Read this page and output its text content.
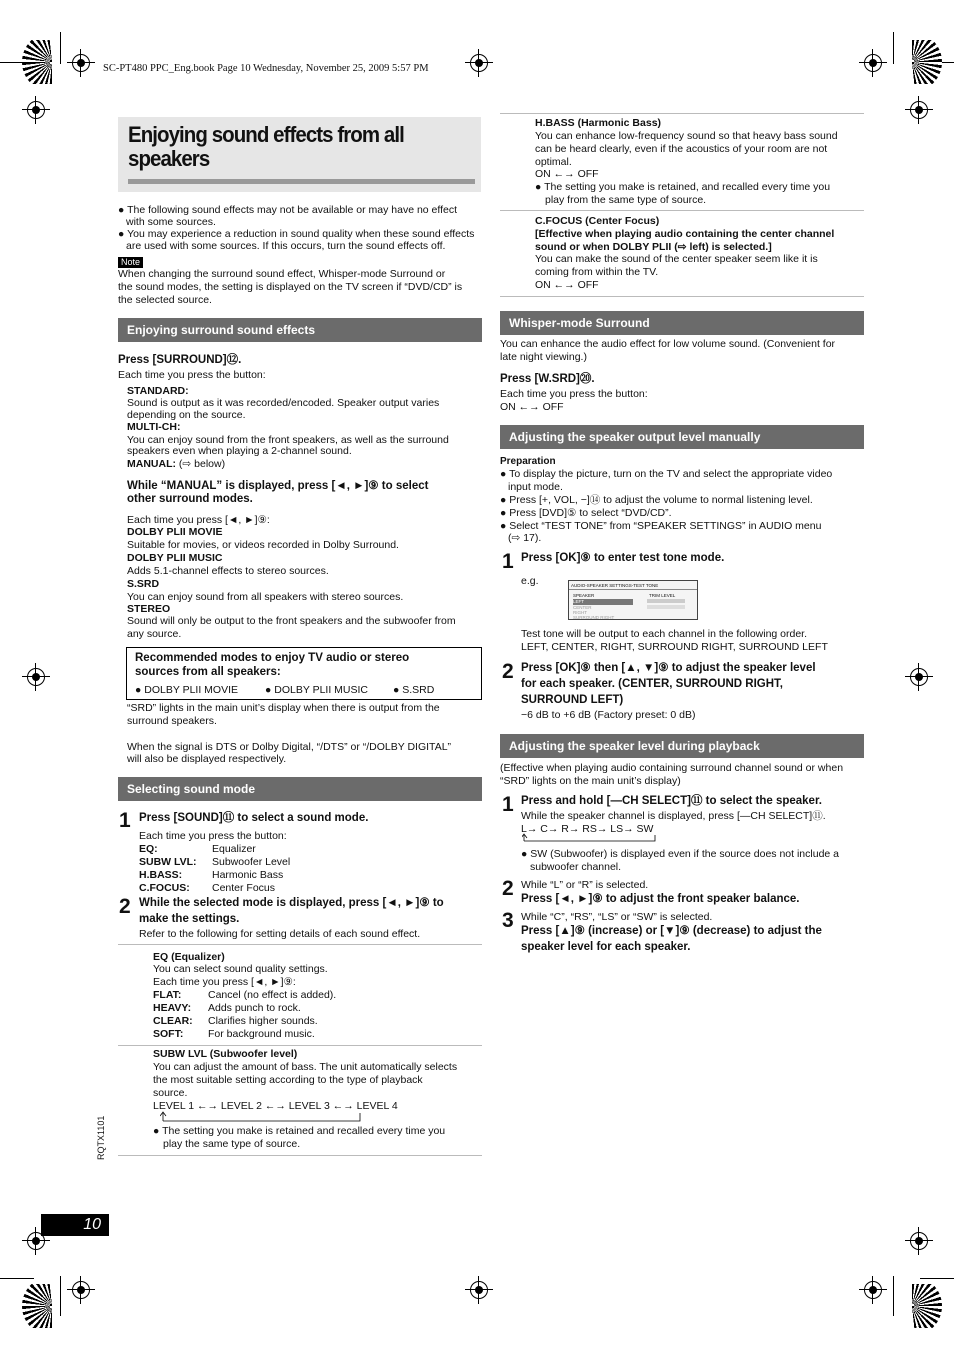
SC-PT480 PPC_Eng.book Page 10 Wednesday, November 25, 2009 5:57 PM
Enjoying sound effects from all
speakers
● The following sound effects may not be available or may have no effect
with some sources.
● You may experience a reduction in sound quality when these sound effects
are used with some sources. If this occurs, turn the sound effects off.
Note
When changing the surround sound effect, Whisper-mode Surround or
the sound modes, the setting is displayed on the TV screen if “DVD/CD” is
the selected source.
Enjoying surround sound effects
Press [SURROUND]⑫.
Each time you press the button:
STANDARD:
Sound is output as it was recorded/encoded. Speaker output varies
depending on the source.
MULTI-CH:
You can enjoy sound from the front speakers, as well as the surround
speakers even when playing a 2-channel sound.
MANUAL: (⇨ below)
While “MANUAL” is displayed, press [◄, ►]⑨ to select
other surround modes.
Each time you press [◄, ►]⑨:
DOLBY PLII MOVIE
Suitable for movies, or videos recorded in Dolby Surround.
DOLBY PLII MUSIC
Adds 5.1-channel effects to stereo sources.
S.SRD
You can enjoy sound from all speakers with stereo sources.
STEREO
Sound will only be output to the front speakers and the subwoofer from
any source.
Recommended modes to enjoy TV audio or stereo
sources from all speakers:
● DOLBY PLII MOVIE	● DOLBY PLII MUSIC ● S.SRD
“SRD” lights in the main unit’s display when there is output from the
surround speakers.
When the signal is DTS or Dolby Digital, “/DTS” or “/DOLBY DIGITAL”
will also be displayed respectively.
Selecting sound mode
1 Press [SOUND]⑪ to select a sound mode.
Each time you press the button:
EQ:	Equalizer
SUBW LVL: Subwoofer Level
H.BASS:	Harmonic Bass
C.FOCUS: Center Focus
2 While the selected mode is displayed, press [◄, ►]⑨ to
make the settings.
Refer to the following for setting details of each sound effect.
EQ (Equalizer)
You can select sound quality settings.
Each time you press [◄, ►]⑨:
FLAT:	Cancel (no effect is added).
HEAVY: Adds punch to rock.
CLEAR: Clarifies higher sounds.
SOFT: For background music.
SUBW LVL (Subwoofer level)
You can adjust the amount of bass. The unit automatically selects
the most suitable setting according to the type of playback
source.
LEVEL 1 ←→ LEVEL 2 ←→ LEVEL 3 ←→ LEVEL 4
● The setting you make is retained and recalled every time you
play the same type of source.
H.BASS (Harmonic Bass)
You can enhance low-frequency sound so that heavy bass sound
can be heard clearly, even if the acoustics of your room are not
optimal.
ON ←→ OFF
● The setting you make is retained, and recalled every time you
play from the same type of source.
C.FOCUS (Center Focus)
[Effective when playing audio containing the center channel
sound or when DOLBY PLII (⇨ left) is selected.]
You can make the sound of the center speaker seem like it is
coming from within the TV.
ON ←→ OFF
Whisper-mode Surround
You can enhance the audio effect for low volume sound. (Convenient for
late night viewing.)
Press [W.SRD]⑳.
Each time you press the button:
ON ←→ OFF
Adjusting the speaker output level manually
Preparation
● To display the picture, turn on the TV and select the appropriate video
input mode.
● Press [+, VOL, −]⑭ to adjust the volume to normal listening level.
● Press [DVD]⑤ to select “DVD/CD”.
● Select “TEST TONE” from “SPEAKER SETTINGS” in AUDIO menu
(⇨ 17).
1 Press [OK]⑨ to enter test tone mode.
e.g.	AUDIO-SPEAKER SETTINGS-TEST TONE
SPEAKER	TRIM LEVEL
LEFT
CENTER
RIGHT
SURROUND RIGHT
Test tone will be output to each channel in the following order.
LEFT, CENTER, RIGHT, SURROUND RIGHT, SURROUND LEFT
2 Press [OK]⑨ then [▲, ▼]⑨ to adjust the speaker level
for each speaker. (CENTER, SURROUND RIGHT,
SURROUND LEFT)
−6 dB to +6 dB (Factory preset: 0 dB)
Adjusting the speaker level during playback
(Effective when playing audio containing surround channel sound or when
“SRD” lights on the main unit’s display)
1 Press and hold [—CH SELECT]⑪ to select the speaker.
While the speaker channel is displayed, press [—CH SELECT]⑪.
L→ C→ R→ RS→ LS→ SW
● SW (Subwoofer) is displayed even if the source does not include a
subwoofer channel.
2 While “L” or “R” is selected.
Press [◄, ►]⑨ to adjust the front speaker balance.
3 While “C”, “RS”, “LS” or “SW” is selected.
Press [▲]⑨ (increase) or [▼]⑨ (decrease) to adjust the
speaker level for each speaker.
RQTX1101
10
